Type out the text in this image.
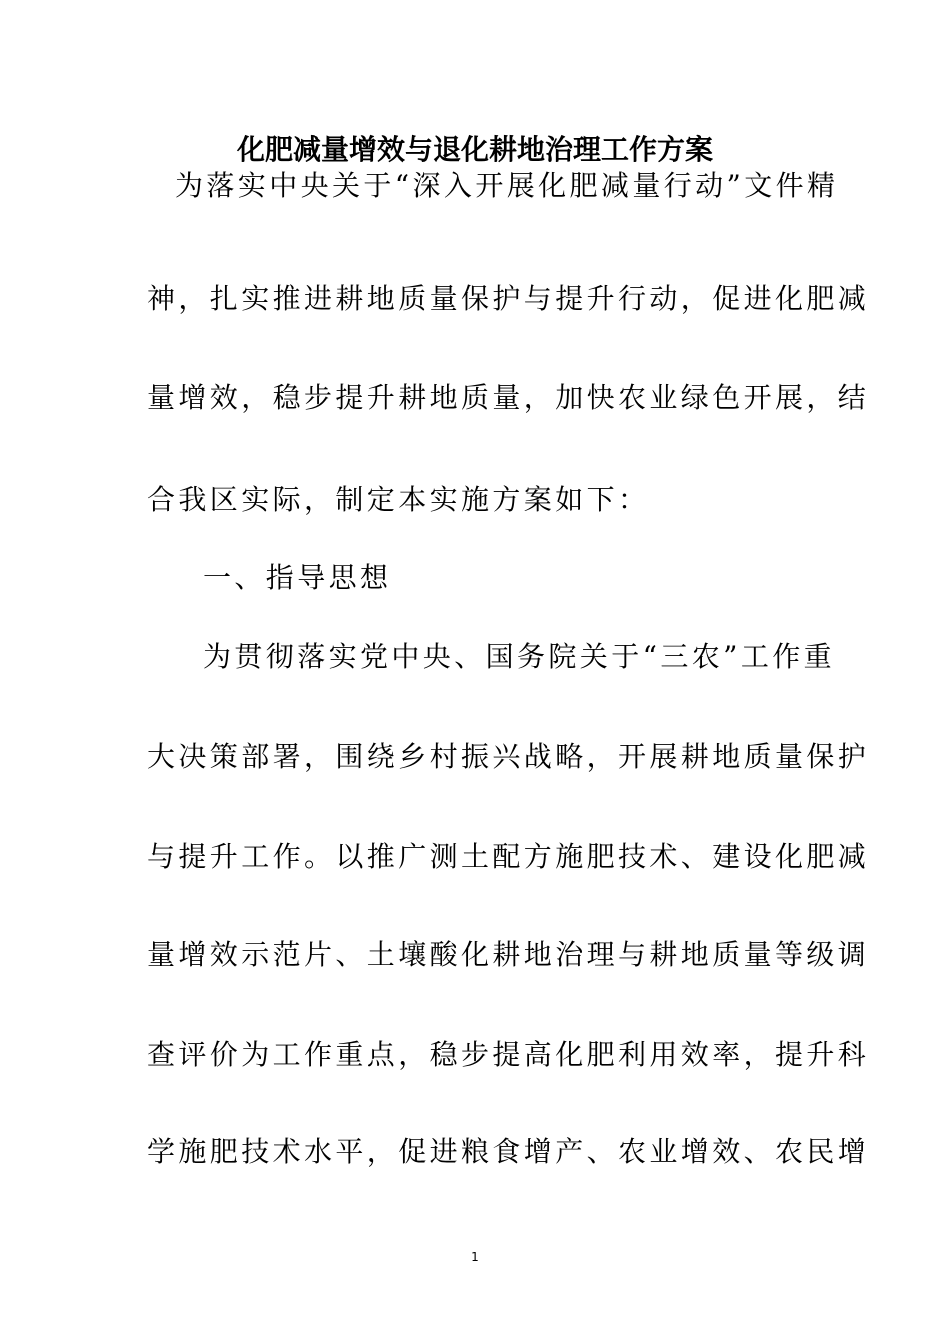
化肥减量增效与退化耕地治理工作方案
为落实中央关于“深入开展化肥减量行动”文件精
神，扎实推进耕地质量保护与提升行动，促进化肥减
量增效，稳步提升耕地质量，加快农业绿色开展，结
合我区实际，制定本实施方案如下：
一、指导思想
为贯彻落实党中央、国务院关于“三农”工作重
大决策部署，围绕乡村振兴战略，开展耕地质量保护
与提升工作。以推广测土配方施肥技术、建设化肥减
量增效示范片、土壤酸化耕地治理与耕地质量等级调
查评价为工作重点，稳步提高化肥利用效率，提升科
学施肥技术水平，促进粮食增产、农业增效、农民增
1
